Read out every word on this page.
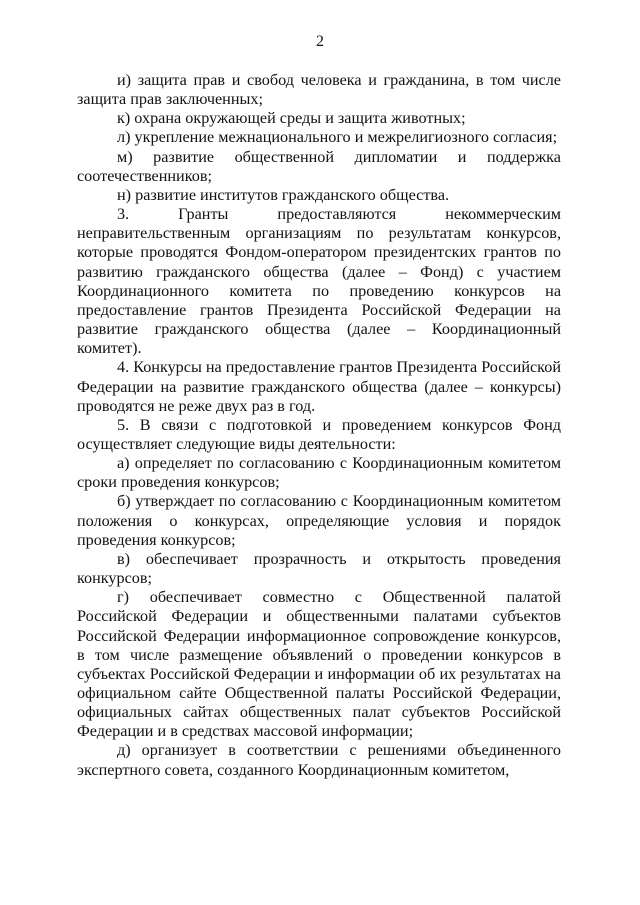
2

и) защита прав и свобод человека и гражданина, в том числе защита прав заключенных;

к) охрана окружающей среды и защита животных;

л) укрепление межнационального и межрелигиозного согласия;

м) развитие общественной дипломатии и поддержка соотечественников;

н) развитие институтов гражданского общества.

3. Гранты предоставляются некоммерческим неправительственным организациям по результатам конкурсов, которые проводятся Фондом-оператором президентских грантов по развитию гражданского общества (далее – Фонд) с участием Координационного комитета по проведению конкурсов на предоставление грантов Президента Российской Федерации на развитие гражданского общества (далее – Координационный комитет).

4. Конкурсы на предоставление грантов Президента Российской Федерации на развитие гражданского общества (далее – конкурсы) проводятся не реже двух раз в год.

5. В связи с подготовкой и проведением конкурсов Фонд осуществляет следующие виды деятельности:

а) определяет по согласованию с Координационным комитетом сроки проведения конкурсов;

б) утверждает по согласованию с Координационным комитетом положения о конкурсах, определяющие условия и порядок проведения конкурсов;

в) обеспечивает прозрачность и открытость проведения конкурсов;

г) обеспечивает совместно с Общественной палатой Российской Федерации и общественными палатами субъектов Российской Федерации информационное сопровождение конкурсов, в том числе размещение объявлений о проведении конкурсов в субъектах Российской Федерации и информации об их результатах на официальном сайте Общественной палаты Российской Федерации, официальных сайтах общественных палат субъектов Российской Федерации и в средствах массовой информации;

д) организует в соответствии с решениями объединенного экспертного совета, созданного Координационным комитетом,
